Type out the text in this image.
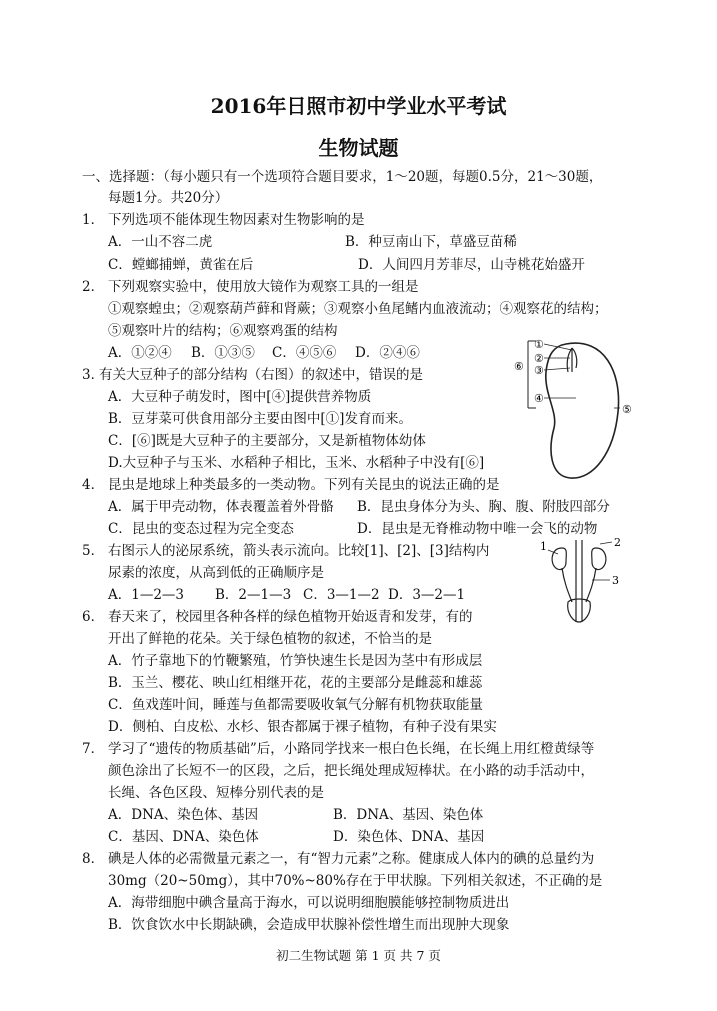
2016年日照市初中学业水平考试
生物试题
一、选择题：（每小题只有一个选项符合题目要求，1～20题，每题0.5分，21～30题，
每题1分。共20分）
1． 下列选项不能体现生物因素对生物影响的是
A．一山不容二虎	B．种豆南山下，草盛豆苗稀
C．螳螂捕蝉，黄雀在后	D．人间四月芳菲尽，山寺桃花始盛开
2． 下列观察实验中，使用放大镜作为观察工具的一组是
①观察蝗虫；②观察葫芦藓和肾蕨；③观察小鱼尾鳍内血液流动；④观察花的结构；
⑤观察叶片的结构；⑥观察鸡蛋的结构
A．①②④ B．①③⑤ C．④⑤⑥ D．②④⑥
①
②
③
④
⑤
⑥
3．
有关大豆种子的部分结构（右图）的叙述中，错误的是
A．大豆种子萌发时，图中[④]提供营养物质
B．豆芽菜可供食用部分主要由图中[①]发育而来。
C．[⑥]既是大豆种子的主要部分，又是新植物体幼体
D.大豆种子与玉米、水稻种子相比，玉米、水稻种子中没有[⑥]
4． 昆虫是地球上种类最多的一类动物。下列有关昆虫的说法正确的是
A．属于甲壳动物，体表覆盖着外骨骼 B．昆虫身体分为头、胸、腹、附肢四部分
C．昆虫的变态过程为完全变态	D．昆虫是无脊椎动物中唯一会飞的动物
5． 右图示人的泌尿系统，箭头表示流向。比较[1]、[2]、[3]结构内
尿素的浓度，从高到低的正确顺序是
A．1—2—3 B．2—1—3 C．3—1—2 D．3—2—1
1	2
3
6． 春天来了，校园里各种各样的绿色植物开始返青和发芽，有的
开出了鲜艳的花朵。关于绿色植物的叙述，不恰当的是
A．竹子靠地下的竹鞭繁殖，竹笋快速生长是因为茎中有形成层
B．玉兰、樱花、映山红相继开花，花的主要部分是雌蕊和雄蕊
C．鱼戏莲叶间，睡莲与鱼都需要吸收氧气分解有机物获取能量
D．侧柏、白皮松、水杉、银杏都属于裸子植物，有种子没有果实
7． 学习了“遗传的物质基础”后，小路同学找来一根白色长绳，在长绳上用红橙黄绿等
颜色涂出了长短不一的区段，之后，把长绳处理成短棒状。在小路的动手活动中，
长绳、各色区段、短棒分别代表的是
A．DNA、染色体、基因	B．DNA、基因、染色体
C．基因、DNA、染色体	D．染色体、DNA、基因
8． 碘是人体的必需微量元素之一，有“智力元素”之称。健康成人体内的碘的总量约为
30mg（20~50mg），其中70%~80%存在于甲状腺。下列相关叙述，不正确的是
A．海带细胞中碘含量高于海水，可以说明细胞膜能够控制物质进出
B．饮食饮水中长期缺碘，会造成甲状腺补偿性增生而出现肿大现象
初二生物试题 第 1 页 共 7 页
